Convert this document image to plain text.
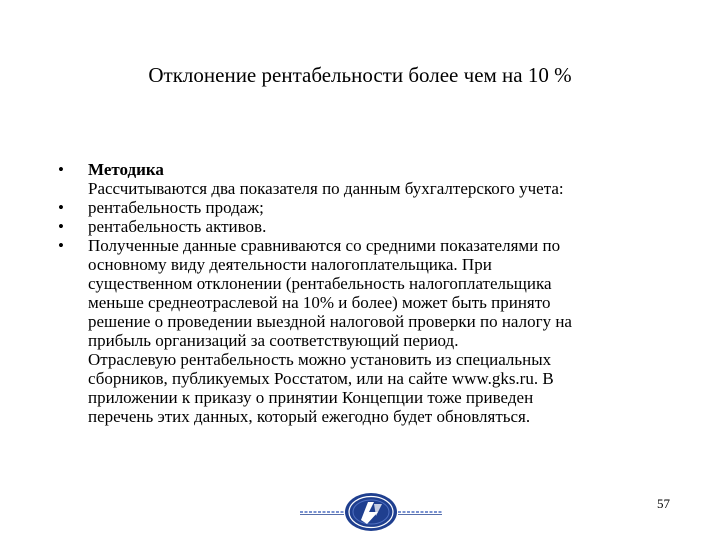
Отклонение рентабельности более чем на 10 %
•	Методика
Рассчитываются два показателя по данным бухгалтерского учета:
•	рентабельность продаж;
•	рентабельность активов.
•	Полученные данные сравниваются со средними показателями по
основному виду деятельности налогоплательщика. При
существенном отклонении (рентабельность налогоплательщика
меньше среднеотраслевой на 10% и более) может быть принято
решение о проведении выездной налоговой проверки по налогу на
прибыль организаций за соответствующий период.
Отраслевую рентабельность можно установить из специальных
сборников, публикуемых Росстатом, или на сайте www.gks.ru. В
приложении к приказу о принятии Концепции тоже приведен
перечень этих данных, который ежегодно будет обновляться.
57
